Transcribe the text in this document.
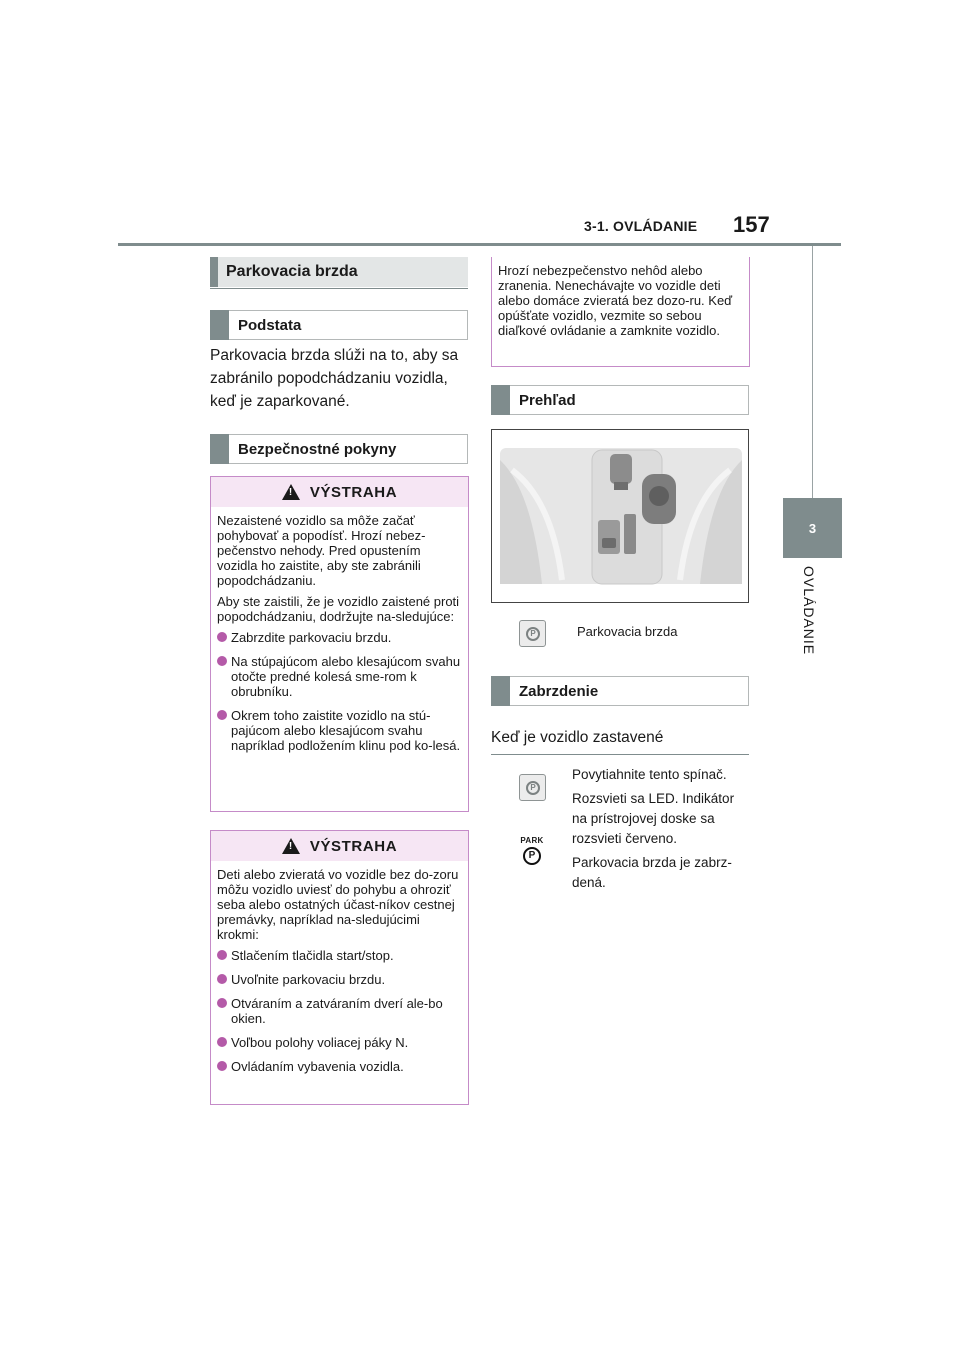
3-1. OVLÁDANIE 157
3
OVLÁDANIE
Parkovacia brzda
Podstata
Parkovacia brzda slúži na to, aby sa zabránilo popodchádzaniu vozidla, keď je zaparkované.
Bezpečnostné pokyny
! VÝSTRAHA

Nezaistené vozidlo sa môže začať pohybovať a popodísť. Hrozí nebez-pečenstvo nehody. Pred opustením vozidla ho zaistite, aby ste zabránili popodchádzaniu.

Aby ste zaistili, že je vozidlo zaistené proti popodchádzaniu, dodržujte na-sledujúce:

Zabrzdite parkovaciu brzdu.
Na stúpajúcom alebo klesajúcom svahu otočte predné kolesá sme-rom k obrubníku.
Okrem toho zaistite vozidlo na stú-pajúcom alebo klesajúcom svahu napríklad podložením klinu pod ko-lesá.
! VÝSTRAHA

Deti alebo zvieratá vo vozidle bez do-zoru môžu vozidlo uviesť do pohybu a ohroziť seba alebo ostatných účast-níkov cestnej premávky, napríklad na-sledujúcimi krokmi:

Stlačením tlačidla start/stop.
Uvoľnite parkovaciu brzdu.
Otváraním a zatváraním dverí ale-bo okien.
Voľbou polohy voliacej páky N.
Ovládaním vybavenia vozidla.
Hrozí nebezpečenstvo nehôd alebo zranenia. Nenechávajte vo vozidle deti alebo domáce zvieratá bez dozo-ru. Keď opúšťate vozidlo, vezmite so sebou diaľkové ovládanie a zamknite vozidlo.
Prehľad
P	Parkovacia brzda
Zabrzdenie
Keď je vozidlo zastavené
P
PARK
P

Povytiahnite tento spínač.

Rozsvieti sa LED. Indikátor na prístrojovej doske sa rozsvieti červeno.

Parkovacia brzda je zabrz-dená.
